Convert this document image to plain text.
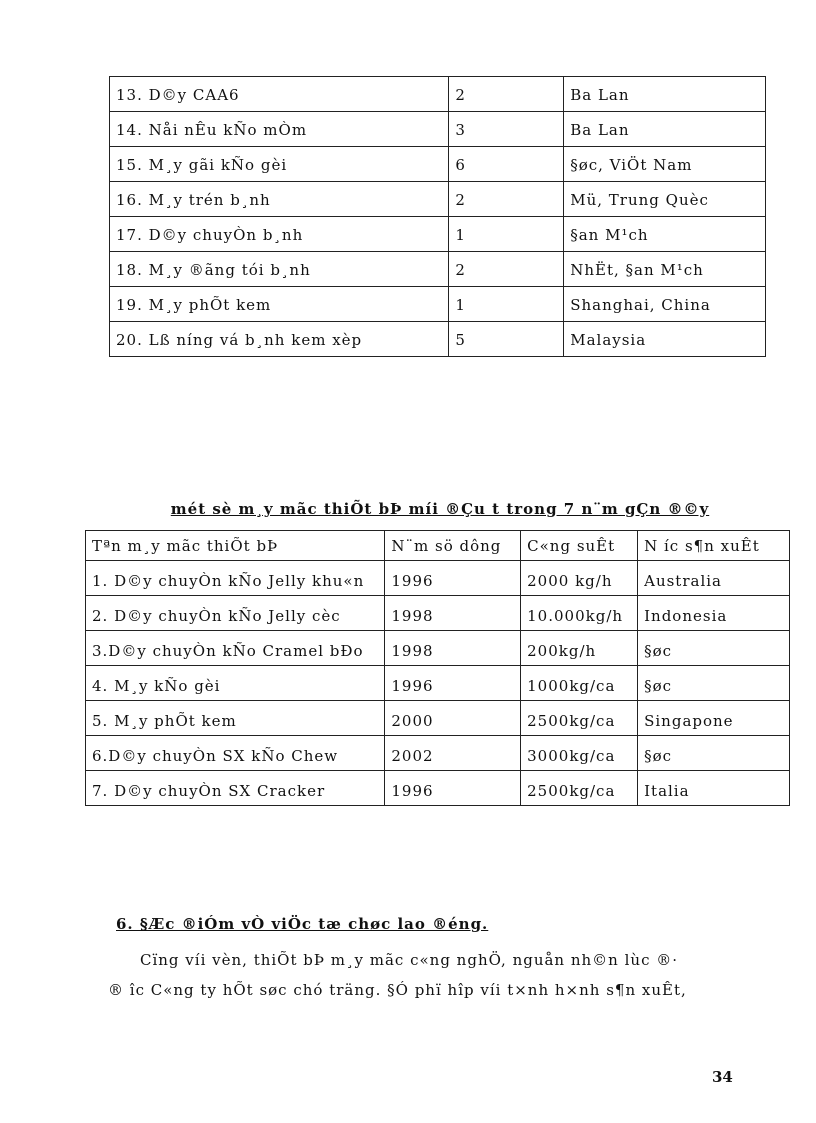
13. D©y CAA6	2	Ba Lan
14. Nåi nÊu kÑo mÒm	3	Ba Lan
15. M¸y gãi kÑo gèi	6	§øc, ViÖt Nam
16. M¸y trén b¸nh	2	Mü, Trung Quèc
17. D©y chuyÒn b¸nh	1	§an M¹ch
18. M¸y ®ãng tói b¸nh	2	NhËt, §an M¹ch
19. M¸y phÕt kem	1	Shanghai, China
20. Lß níng vá b¸nh kem xèp	5	Malaysia
mét sè m¸y mãc thiÕt bÞ míi ®Çu t trong 7 n¨m gÇn ®©y
Tªn m¸y mãc thiÕt bÞ	N¨m sö dông	C«ng suÊt	N íc s¶n xuÊt
1. D©y chuyÒn kÑo Jelly khu«n	1996	2000 kg/h	Australia
2. D©y chuyÒn kÑo Jelly cèc	1998	10.000kg/h	Indonesia
3.D©y chuyÒn kÑo Cramel bÐo	1998	200kg/h	§øc
4. M¸y kÑo gèi	1996	1000kg/ca	§øc
5. M¸y phÕt kem	2000	2500kg/ca	Singapone
6.D©y chuyÒn SX kÑo Chew	2002	3000kg/ca	§øc
7. D©y chuyÒn SX Cracker	1996	2500kg/ca	Italia
6. §Æc ®iÓm vÒ viÖc tæ chøc lao ®éng.
Cïng víi vèn, thiÕt bÞ m¸y mãc c«ng nghÖ, nguån nh©n lùc ®·
® îc C«ng ty hÕt søc chó träng. §Ó phï hîp víi t×nh h×nh s¶n xuÊt,
34
